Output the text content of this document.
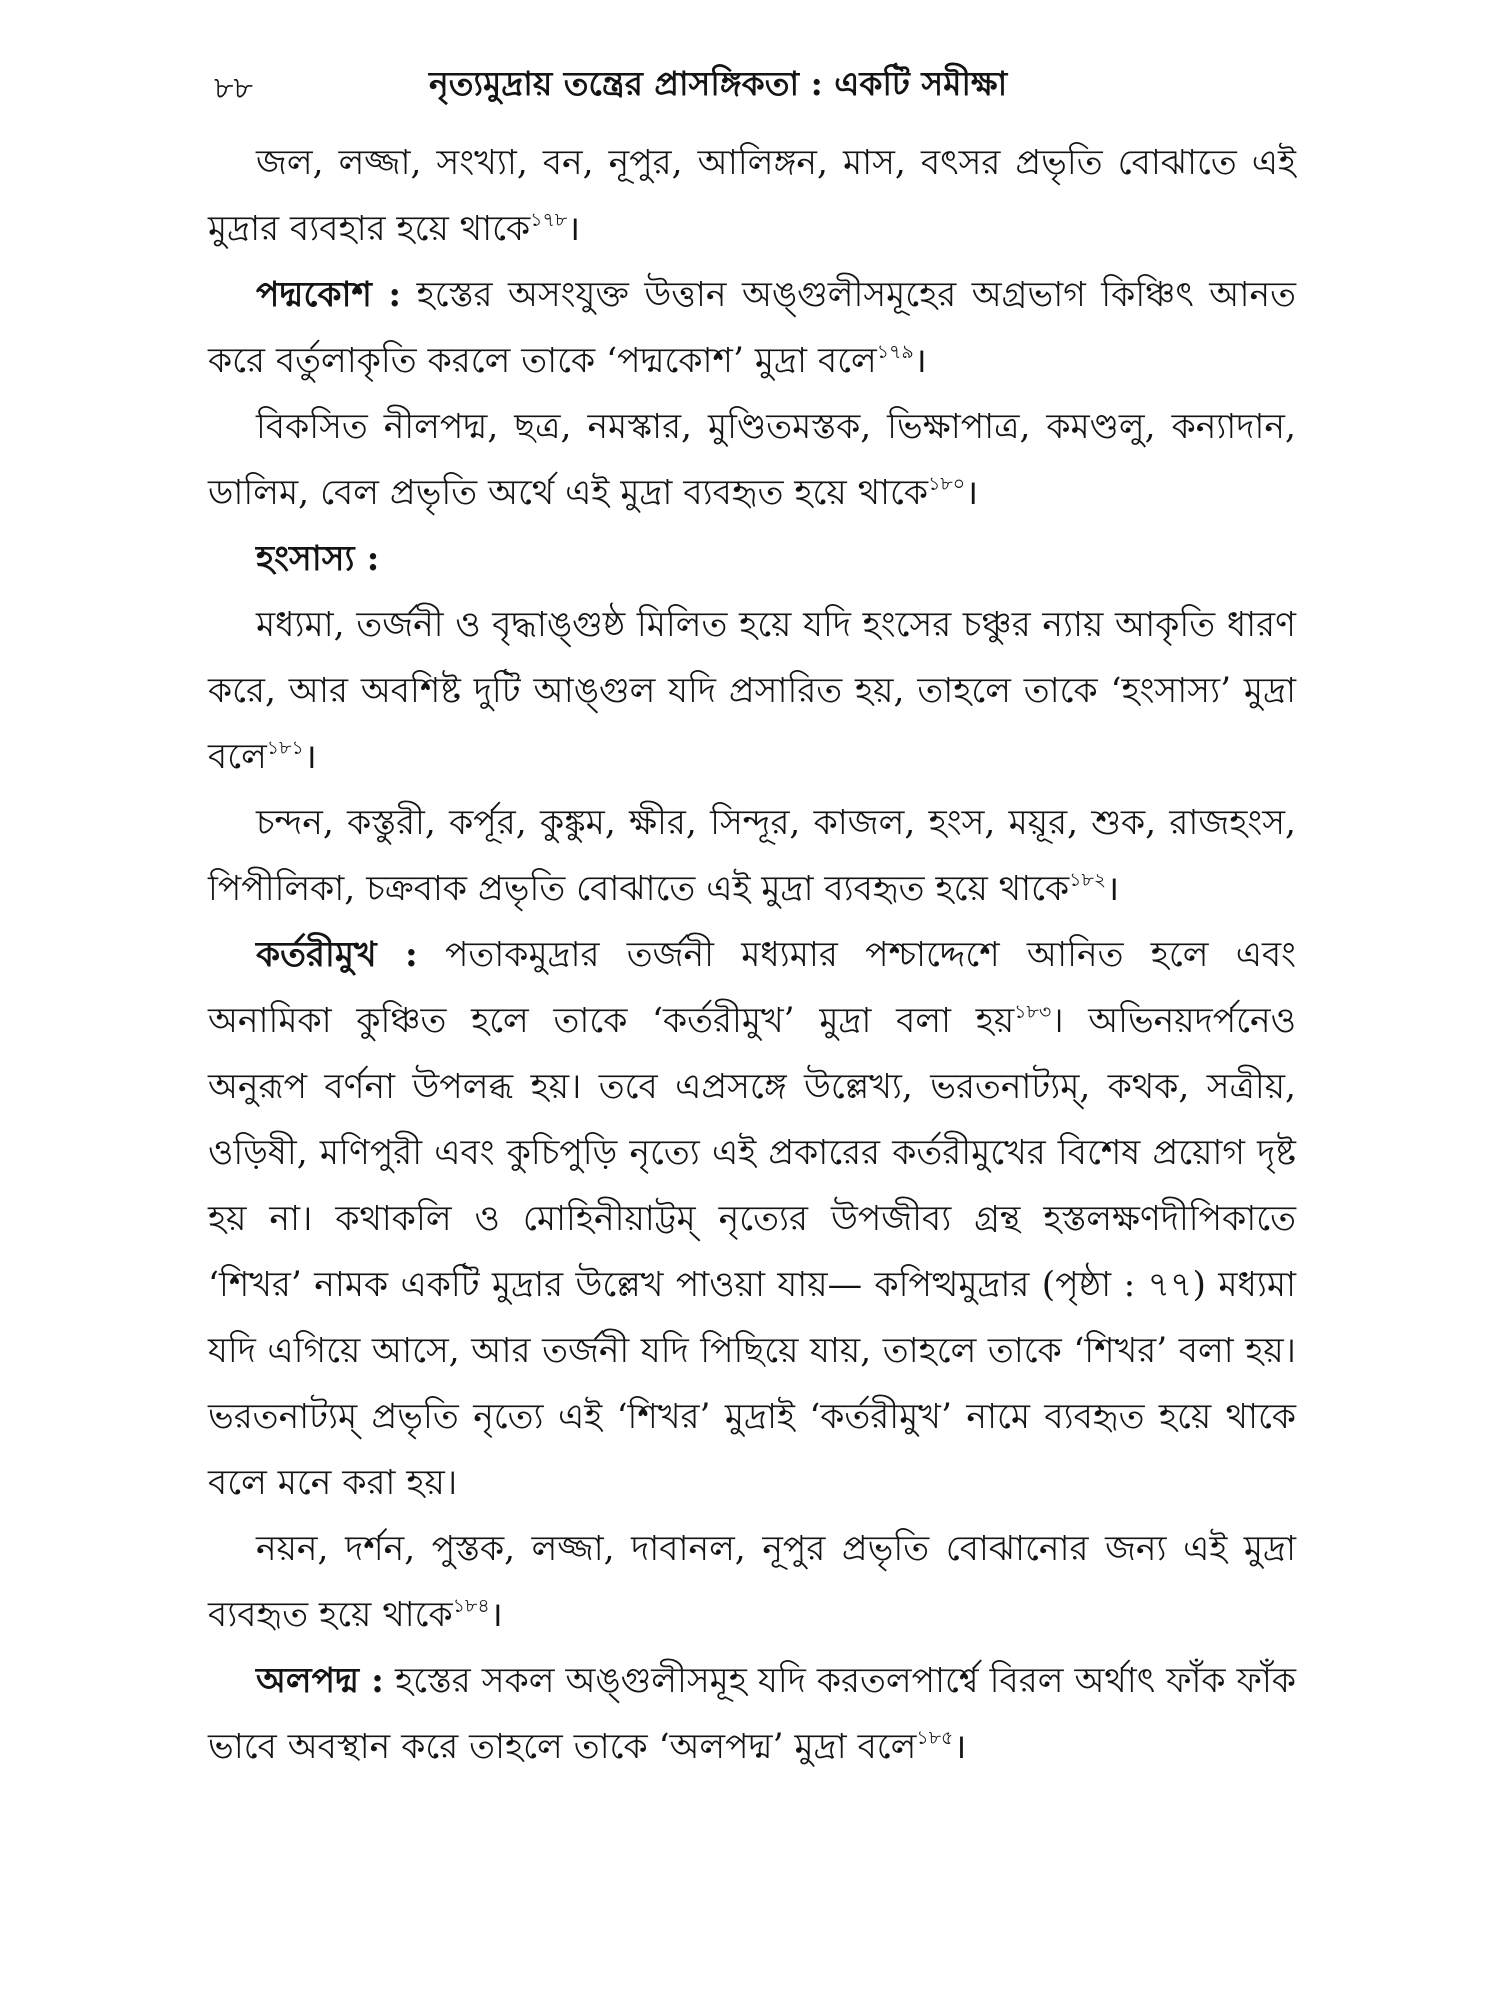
৮৮	নৃত্যমুদ্রায় তন্ত্রের প্রাসঙ্গিকতা : একটি সমীক্ষা

জল, লজ্জা, সংখ্যা, বন, নূপুর, আলিঙ্গন, মাস, বৎসর প্রভৃতি বোঝাতে এই মুদ্রার ব্যবহার হয়ে থাকে$^{১৭৮}$।

পদ্মকোশ : হস্তের অসংযুক্ত উত্তান অঙ্গুলীসমূহের অগ্রভাগ কিঞ্চিৎ আনত করে বর্তুলাকৃতি করলে তাকে ‘পদ্মকোশ’ মুদ্রা বলে$^{১৭৯}$।

বিকসিত নীলপদ্ম, ছত্র, নমস্কার, মুণ্ডিতমস্তক, ভিক্ষাপাত্র, কমণ্ডলু, কন্যাদান, ডালিম, বেল প্রভৃতি অর্থে এই মুদ্রা ব্যবহৃত হয়ে থাকে$^{১৮০}$।

হংসাস্য :

মধ্যমা, তর্জনী ও বৃদ্ধাঙ্গুষ্ঠ মিলিত হয়ে যদি হংসের চঞ্চুর ন্যায় আকৃতি ধারণ করে, আর অবশিষ্ট দুটি আঙ্গুল যদি প্রসারিত হয়, তাহলে তাকে ‘হংসাস্য’ মুদ্রা বলে$^{১৮১}$।

চন্দন, কস্তুরী, কর্পূর, কুঙ্কুম, ক্ষীর, সিন্দূর, কাজল, হংস, ময়ূর, শুক, রাজহংস, পিপীলিকা, চক্রবাক প্রভৃতি বোঝাতে এই মুদ্রা ব্যবহৃত হয়ে থাকে$^{১৮২}$।

কর্তরীমুখ : পতাকমুদ্রার তর্জনী মধ্যমার পশ্চাদ্দেশে আনিত হলে এবং অনামিকা কুঞ্চিত হলে তাকে ‘কর্তরীমুখ’ মুদ্রা বলা হয়$^{১৮৩}$। অভিনয়দর্পনেও অনুরূপ বর্ণনা উপলব্ধ হয়। তবে এপ্রসঙ্গে উল্লেখ্য, ভরতনাট্যম্, কথক, সত্রীয়, ওড়িষী, মণিপুরী এবং কুচিপুড়ি নৃত্যে এই প্রকারের কর্তরীমুখের বিশেষ প্রয়োগ দৃষ্ট হয় না। কথাকলি ও মোহিনীয়াট্টম্ নৃত্যের উপজীব্য গ্রন্থ হস্তলক্ষণদীপিকাতে ‘শিখর’ নামক একটি মুদ্রার উল্লেখ পাওয়া যায়— কপিত্থমুদ্রার (পৃষ্ঠা : ৭৭) মধ্যমা যদি এগিয়ে আসে, আর তর্জনী যদি পিছিয়ে যায়, তাহলে তাকে ‘শিখর’ বলা হয়। ভরতনাট্যম্ প্রভৃতি নৃত্যে এই ‘শিখর’ মুদ্রাই ‘কর্তরীমুখ’ নামে ব্যবহৃত হয়ে থাকে বলে মনে করা হয়।

নয়ন, দর্শন, পুস্তক, লজ্জা, দাবানল, নূপুর প্রভৃতি বোঝানোর জন্য এই মুদ্রা ব্যবহৃত হয়ে থাকে$^{১৮৪}$।

অলপদ্ম : হস্তের সকল অঙ্গুলীসমূহ যদি করতলপার্শ্বে বিরল অর্থাৎ ফাঁক ফাঁক ভাবে অবস্থান করে তাহলে তাকে ‘অলপদ্ম’ মুদ্রা বলে$^{১৮৫}$।
